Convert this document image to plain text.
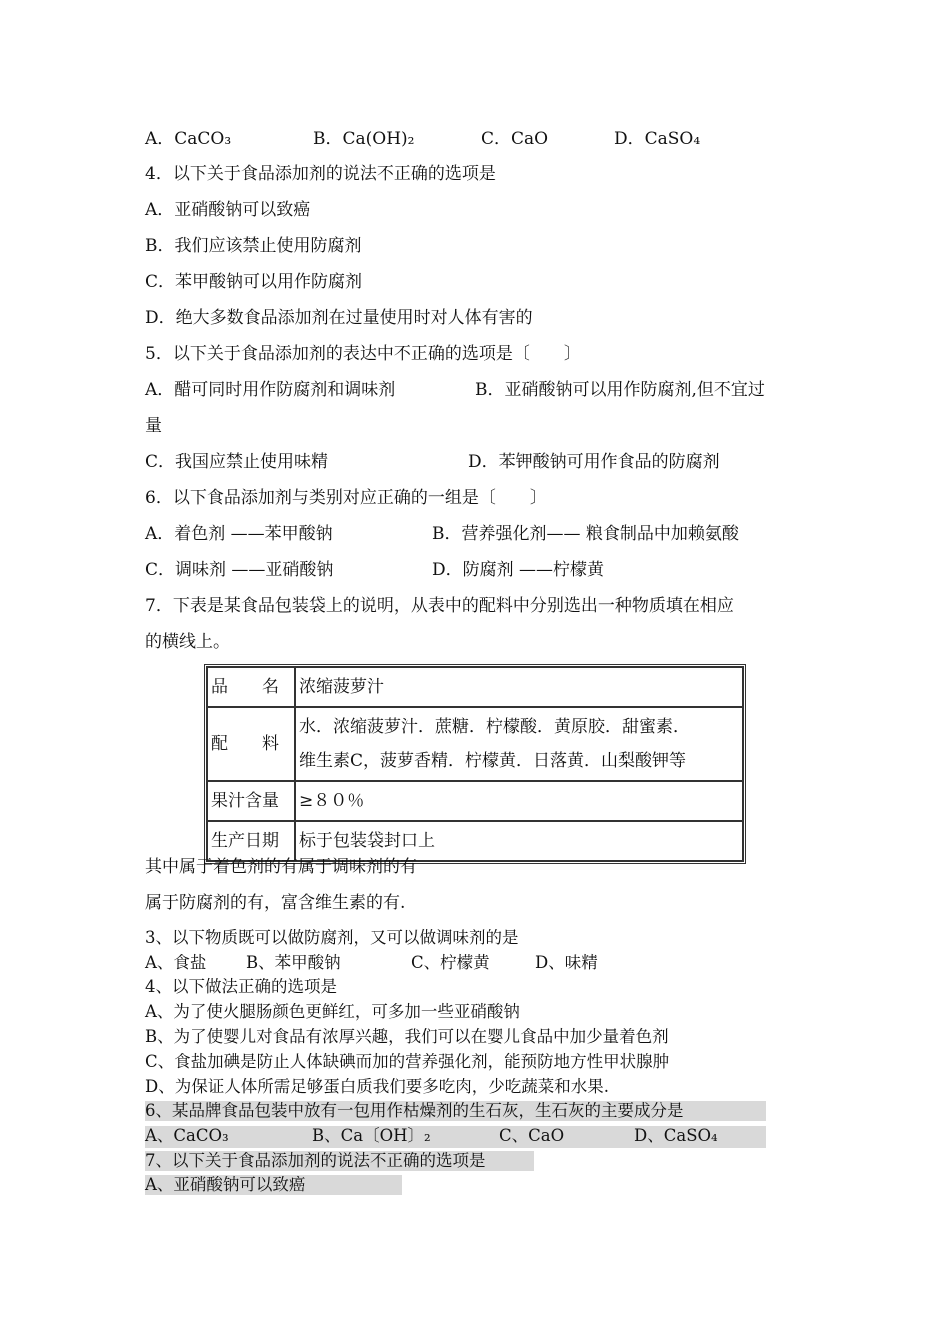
A．CaCO₃	B．Ca(OH)₂	C．CaO	D．CaSO₄
4．以下关于食品添加剂的说法不正确的选项是
A．亚硝酸钠可以致癌
B．我们应该禁止使用防腐剂
C．苯甲酸钠可以用作防腐剂
D．绝大多数食品添加剂在过量使用时对人体有害的
5．以下关于食品添加剂的表达中不正确的选项是〔　　〕
A．醋可同时用作防腐剂和调味剂	B．亚硝酸钠可以用作防腐剂,但不宜过
量
C．我国应禁止使用味精	D．苯钾酸钠可用作食品的防腐剂
6．以下食品添加剂与类别对应正确的一组是〔　　〕
A．着色剂 ——苯甲酸钠	B．营养强化剂—— 粮食制品中加赖氨酸
C．调味剂 ——亚硝酸钠	D．防腐剂 ——柠檬黄
7．下表是某食品包装袋上的说明，从表中的配料中分别选出一种物质填在相应
的横线上。
品　　名	浓缩菠萝汁
配　　料	水．浓缩菠萝汁．蔗糖．柠檬酸．黄原胶．甜蜜素．
维生素C，菠萝香精．柠檬黄．日落黄．山梨酸钾等

果汁含量	≥８０％
生产日期	标于包装袋封口上
其中属于着色剂的有属于调味剂的有
属于防腐剂的有，富含维生素的有.
3、以下物质既可以做防腐剂，又可以做调味剂的是
A、食盐 B、苯甲酸钠	C、柠檬黄	D、味精
4、以下做法正确的选项是
A、为了使火腿肠颜色更鲜红，可多加一些亚硝酸钠
B、为了使婴儿对食品有浓厚兴趣，我们可以在婴儿食品中加少量着色剂
C、食盐加碘是防止人体缺碘而加的营养强化剂，能预防地方性甲状腺肿
D、为保证人体所需足够蛋白质我们要多吃肉，少吃蔬菜和水果.
6、某品牌食品包装中放有一包用作枯燥剂的生石灰，生石灰的主要成分是
A、CaCO₃	B、Ca〔OH〕₂	C、CaO	D、CaSO₄
7、以下关于食品添加剂的说法不正确的选项是
A、亚硝酸钠可以致癌
